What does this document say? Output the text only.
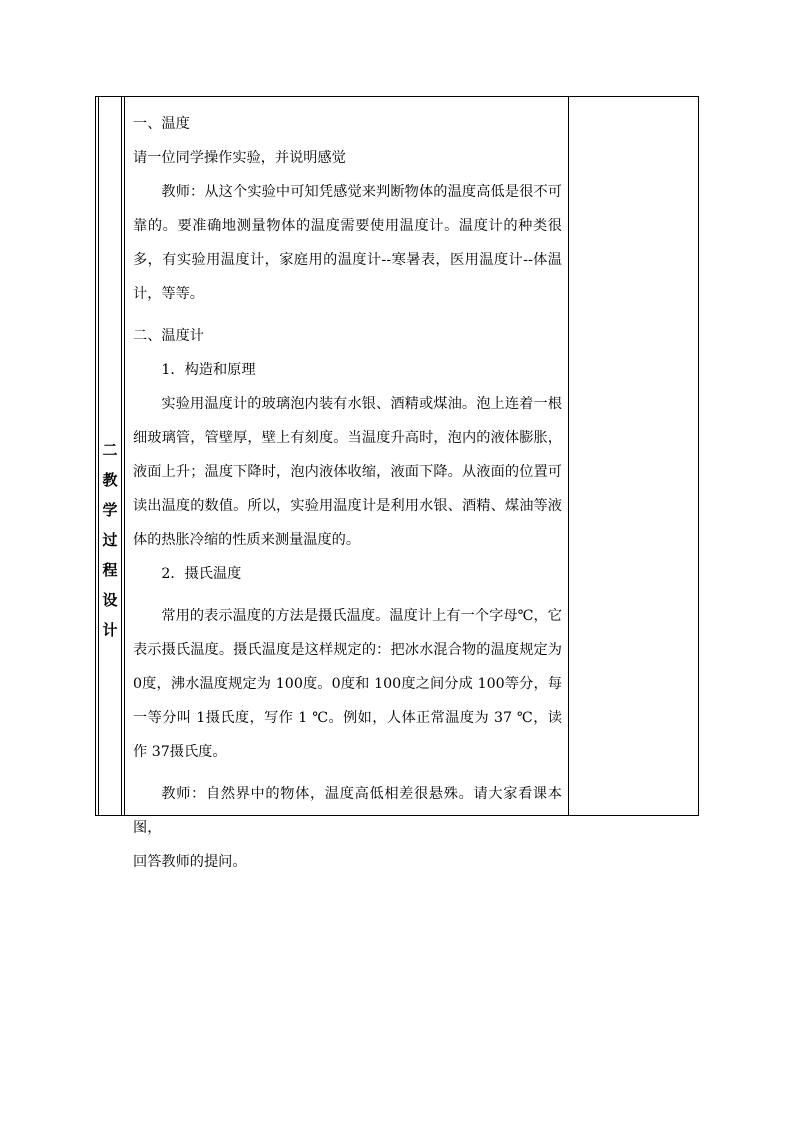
二
教
学
过
程
设
计

一、温度

请一位同学操作实验，并说明感觉

教师：从这个实验中可知凭感觉来判断物体的温度高低是很不可靠的。要准确地测量物体的温度需要使用温度计。温度计的种类很多，有实验用温度计，家庭用的温度计--寒暑表，医用温度计--体温计，等等。

二、温度计

1．构造和原理

实验用温度计的玻璃泡内装有水银、酒精或煤油。泡上连着一根细玻璃管，管壁厚，壁上有刻度。当温度升高时，泡内的液体膨胀，液面上升；温度下降时，泡内液体收缩，液面下降。从液面的位置可读出温度的数值。所以，实验用温度计是利用水银、酒精、煤油等液体的热胀冷缩的性质来测量温度的。

2．摄氏温度

常用的表示温度的方法是摄氏温度。温度计上有一个字母℃，它表示摄氏温度。摄氏温度是这样规定的：把冰水混合物的温度规定为 0度，沸水温度规定为 100度。0度和 100度之间分成 100等分，每一等分叫 1摄氏度，写作 1 ℃。例如，人体正常温度为 37 ℃，读作 37摄氏度。

教师：自然界中的物体，温度高低相差很悬殊。请大家看课本图，

回答教师的提问。
